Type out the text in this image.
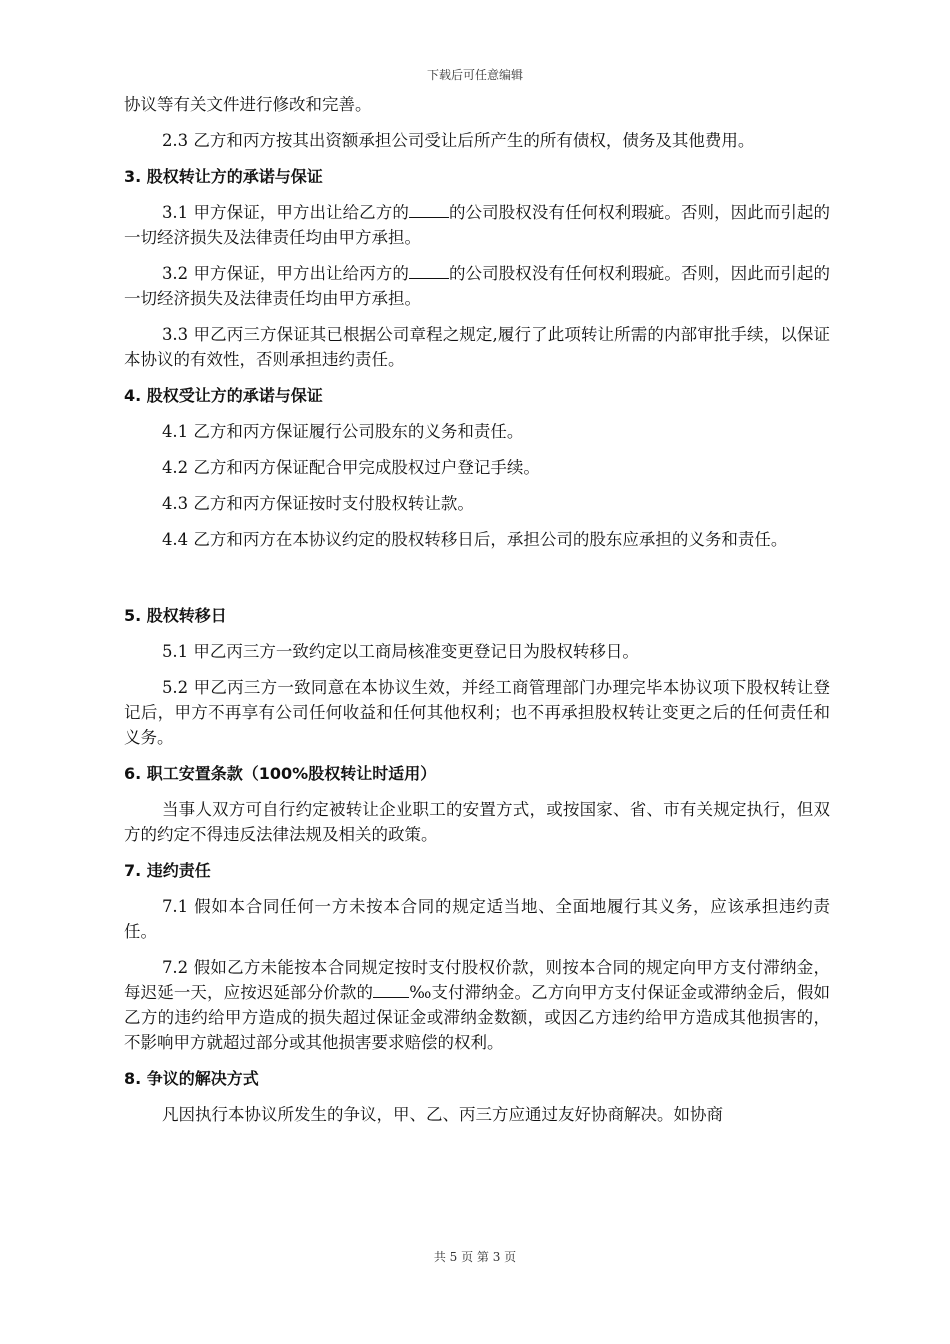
下载后可任意编辑

协议等有关文件进行修改和完善。

2.3 乙方和丙方按其出资额承担公司受让后所产生的所有债权，债务及其他费用。

3. 股权转让方的承诺与保证

3.1 甲方保证，甲方出让给乙方的 的公司股权没有任何权利瑕疵。否则，因此而引起的一切经济损失及法律责任均由甲方承担。

3.2 甲方保证，甲方出让给丙方的 的公司股权没有任何权利瑕疵。否则，因此而引起的一切经济损失及法律责任均由甲方承担。

3.3 甲乙丙三方保证其已根据公司章程之规定,履行了此项转让所需的内部审批手续，以保证本协议的有效性，否则承担违约责任。

4. 股权受让方的承诺与保证

4.1 乙方和丙方保证履行公司股东的义务和责任。

4.2 乙方和丙方保证配合甲完成股权过户登记手续。

4.3 乙方和丙方保证按时支付股权转让款。

4.4 乙方和丙方在本协议约定的股权转移日后，承担公司的股东应承担的义务和责任。

5. 股权转移日

5.1 甲乙丙三方一致约定以工商局核准变更登记日为股权转移日。

5.2 甲乙丙三方一致同意在本协议生效，并经工商管理部门办理完毕本协议项下股权转让登记后，甲方不再享有公司任何收益和任何其他权利；也不再承担股权转让变更之后的任何责任和义务。

6. 职工安置条款（100%股权转让时适用）

当事人双方可自行约定被转让企业职工的安置方式，或按国家、省、市有关规定执行，但双方的约定不得违反法律法规及相关的政策。

7. 违约责任

7.1 假如本合同任何一方未按本合同的规定适当地、全面地履行其义务，应该承担违约责任。

7.2 假如乙方未能按本合同规定按时支付股权价款，则按本合同的规定向甲方支付滞纳金，每迟延一天，应按迟延部分价款的 ‰支付滞纳金。乙方向甲方支付保证金或滞纳金后，假如乙方的违约给甲方造成的损失超过保证金或滞纳金数额，或因乙方违约给甲方造成其他损害的，不影响甲方就超过部分或其他损害要求赔偿的权利。

8. 争议的解决方式

凡因执行本协议所发生的争议，甲、乙、丙三方应通过友好协商解决。如协商

共 5 页 第 3 页
